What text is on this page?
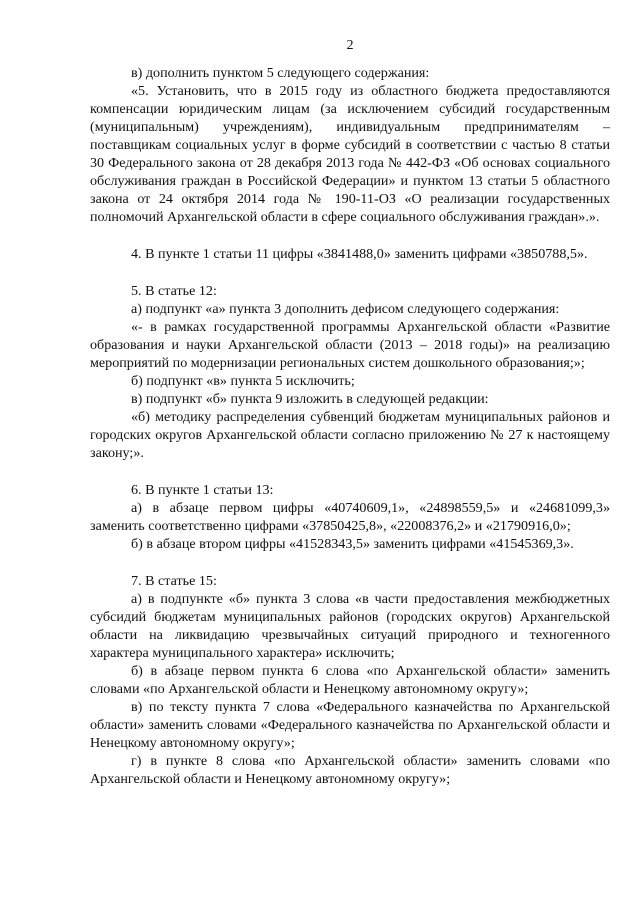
2

в) дополнить пунктом 5 следующего содержания:

«5. Установить, что в 2015 году из областного бюджета предоставляются компенсации юридическим лицам (за исключением субсидий государственным (муниципальным) учреждениям), индивидуальным предпринимателям – поставщикам социальных услуг в форме субсидий в соответствии с частью 8 статьи 30 Федерального закона от 28 декабря 2013 года № 442-ФЗ «Об основах социального обслуживания граждан в Российской Федерации» и пунктом 13 статьи 5 областного закона от 24 октября 2014 года № 190-11-ОЗ «О реализации государственных полномочий Архангельской области в сфере социального обслуживания граждан».».

4. В пункте 1 статьи 11 цифры «3841488,0» заменить цифрами «3850788,5».

5. В статье 12:

а) подпункт «а» пункта 3 дополнить дефисом следующего содержания:

«- в рамках государственной программы Архангельской области «Развитие образования и науки Архангельской области (2013 – 2018 годы)» на реализацию мероприятий по модернизации региональных систем дошкольного образования;»;

б) подпункт «в» пункта 5 исключить;

в) подпункт «б» пункта 9 изложить в следующей редакции:

«б) методику распределения субвенций бюджетам муниципальных районов и городских округов Архангельской области согласно приложению № 27 к настоящему закону;».

6. В пункте 1 статьи 13:

а) в абзаце первом цифры «40740609,1», «24898559,5» и «24681099,3» заменить соответственно цифрами «37850425,8», «22008376,2» и «21790916,0»;

б) в абзаце втором цифры «41528343,5» заменить цифрами «41545369,3».

7. В статье 15:

а) в подпункте «б» пункта 3 слова «в части предоставления межбюджетных субсидий бюджетам муниципальных районов (городских округов) Архангельской области на ликвидацию чрезвычайных ситуаций природного и техногенного характера муниципального характера» исключить;

б) в абзаце первом пункта 6 слова «по Архангельской области» заменить словами «по Архангельской области и Ненецкому автономному округу»;

в) по тексту пункта 7 слова «Федерального казначейства по Архангельской области» заменить словами «Федерального казначейства по Архангельской области и Ненецкому автономному округу»;

г) в пункте 8 слова «по Архангельской области» заменить словами «по Архангельской области и Ненецкому автономному округу»;
